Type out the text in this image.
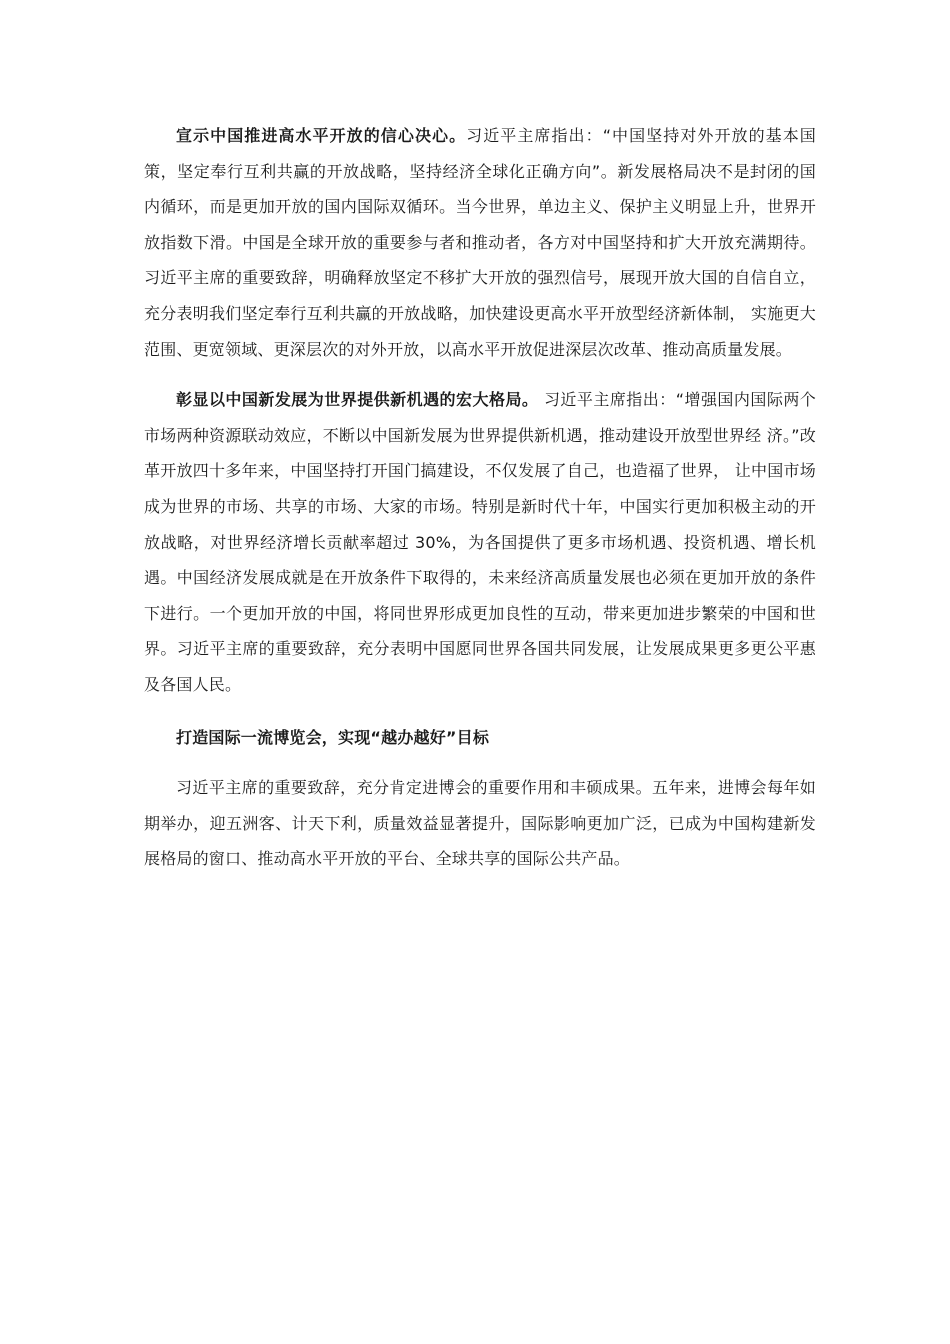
宣示中国推进高水平开放的信心决心。习近平主席指出：“中国坚持对外开放的基本国策，坚定奉行互利共赢的开放战略，坚持经济全球化正确方向”。新发展格局决不是封闭的国内循环，而是更加开放的国内国际双循环。当今世界，单边主义、保护主义明显上升，世界开放指数下滑。中国是全球开放的重要参与者和推动者，各方对中国坚持和扩大开放充满期待。习近平主席的重要致辞，明确释放坚定不移扩大开放的强烈信号，展现开放大国的自信自立，充分表明我们坚定奉行互利共赢的开放战略，加快建设更高水平开放型经济新体制， 实施更大范围、更宽领域、更深层次的对外开放，以高水平开放促进深层次改革、推动高质量发展。

彰显以中国新发展为世界提供新机遇的宏大格局。 习近平主席指出：“增强国内国际两个市场两种资源联动效应，不断以中国新发展为世界提供新机遇，推动建设开放型世界经 济。”改革开放四十多年来，中国坚持打开国门搞建设，不仅发展了自己，也造福了世界， 让中国市场成为世界的市场、共享的市场、大家的市场。特别是新时代十年，中国实行更加积极主动的开放战略，对世界经济增长贡献率超过 30%，为各国提供了更多市场机遇、投资机遇、增长机遇。中国经济发展成就是在开放条件下取得的，未来经济高质量发展也必须在更加开放的条件下进行。一个更加开放的中国，将同世界形成更加良性的互动，带来更加进步繁荣的中国和世界。习近平主席的重要致辞，充分表明中国愿同世界各国共同发展，让发展成果更多更公平惠及各国人民。

打造国际一流博览会，实现“越办越好”目标

习近平主席的重要致辞，充分肯定进博会的重要作用和丰硕成果。五年来，进博会每年如期举办，迎五洲客、计天下利，质量效益显著提升，国际影响更加广泛，已成为中国构建新发展格局的窗口、推动高水平开放的平台、全球共享的国际公共产品。
